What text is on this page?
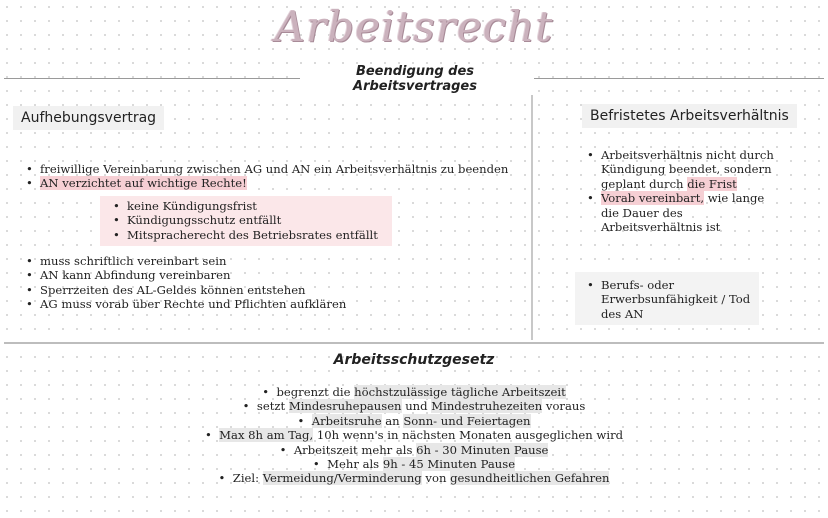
Arbeitsrecht
Beendigung des Arbeitsvertrages
Aufhebungsvertrag
• freiwillige Vereinbarung zwischen AG und AN ein Arbeitsverhältnis zu beenden
• AN verzichtet auf wichtige Rechte!
• keine Kündigungsfrist
• Kündigungsschutz entfällt
• Mitspracherecht des Betriebsrates entfällt
• muss schriftlich vereinbart sein
• AN kann Abfindung vereinbaren
• Sperrzeiten des AL-Geldes können entstehen
• AG muss vorab über Rechte und Pflichten aufklären
Befristetes Arbeitsverhältnis
• Arbeitsverhältnis nicht durch
Kündigung beendet, sondern
geplant durch die Frist
• Vorab vereinbart, wie lange
die Dauer des
Arbeitsverhältnis ist
• Berufs- oder
Erwerbsunfähigkeit / Tod
des AN
Arbeitsschutzgesetz
• begrenzt die höchstzulässige tägliche Arbeitszeit
• setzt Mindesruhepausen und Mindestruhezeiten voraus
• Arbeitsruhe an Sonn- und Feiertagen
• Max 8h am Tag, 10h wenn's in nächsten Monaten ausgeglichen wird
• Arbeitszeit mehr als 6h - 30 Minuten Pause
• Mehr als 9h - 45 Minuten Pause
• Ziel: Vermeidung/Verminderung von gesundheitlichen Gefahren
